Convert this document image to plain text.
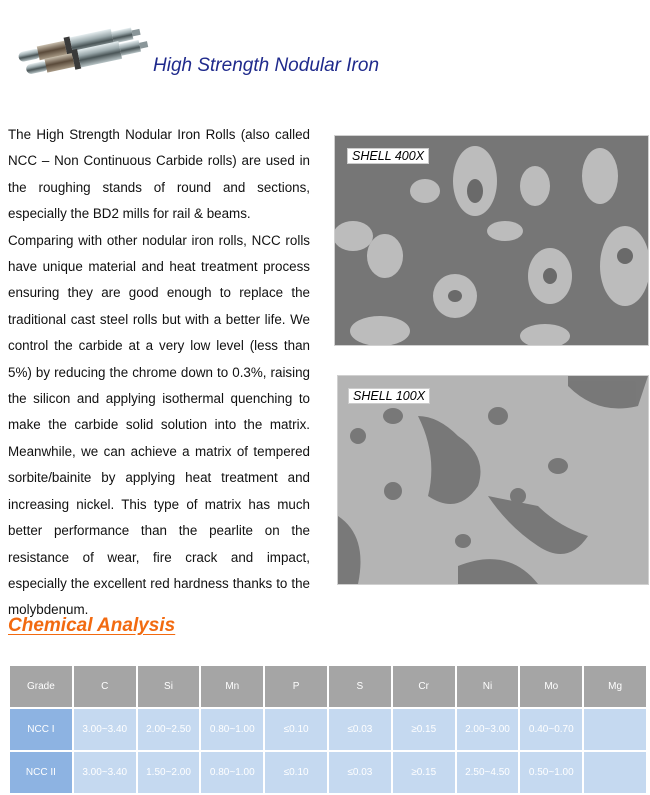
High Strength Nodular Iron

The High Strength Nodular Iron Rolls (also called NCC – Non Continuous Carbide rolls) are used in the roughing stands of round and sections, especially the BD2 mills for rail & beams.

Comparing with other nodular iron rolls, NCC rolls have unique material and heat treatment process ensuring they are good enough to replace the traditional cast steel rolls but with a better life. We control the carbide at a very low level (less than 5%) by reducing the chrome down to 0.3%, raising the silicon and applying isothermal quenching to make the carbide solid solution into the matrix. Meanwhile, we can achieve a matrix of tempered sorbite/bainite by applying heat treatment and increasing nickel. This type of matrix has much better performance than the pearlite on the resistance of wear, fire crack and impact, especially the excellent red hardness thanks to the molybdenum.

SHELL 400X
SHELL 100X
Chemical Analysis
Grade	C	Si	Mn	P	S	Cr	Ni	Mo	Mg
NCC I	3.00~3.40	2.00~2.50	0.80~1.00	≤0.10	≤0.03	≥0.15	2.00~3.00	0.40~0.70	
NCC II	3.00~3.40	1.50~2.00	0.80~1.00	≤0.10	≤0.03	≥0.15	2.50~4.50	0.50~1.00	
